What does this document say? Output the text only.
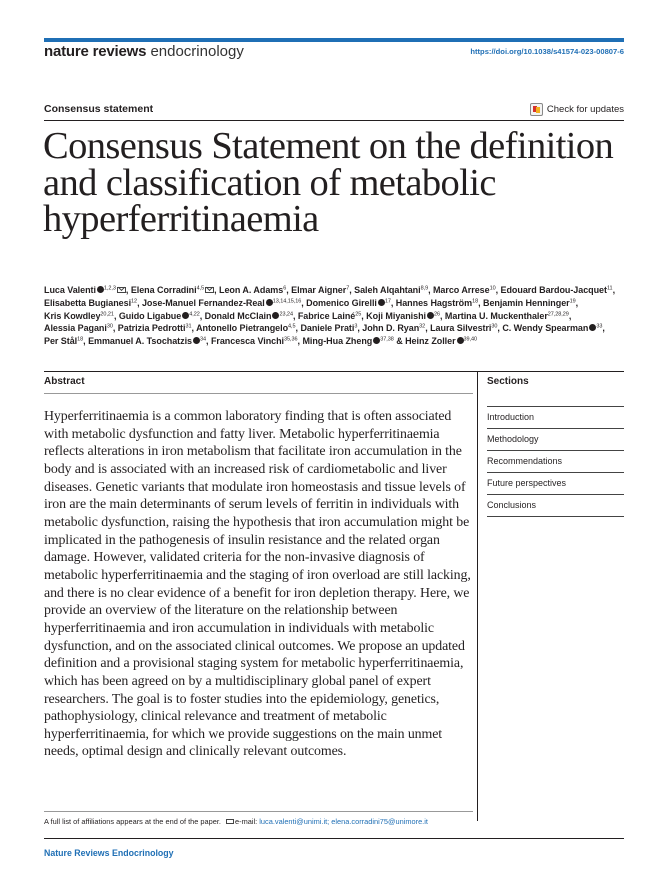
nature reviews endocrinology	https://doi.org/10.1038/s41574-023-00807-6
Consensus statement	Check for updates
Consensus Statement on the definition and classification of metabolic hyperferritinaemia
Luca Valenti $^{1,2,3}$ , Elena Corradini$^{4,5}$ , Leon A. Adams$^6$, Elmar Aigner$^7$, Saleh Alqahtani$^{8,9}$, Marco Arrese$^{10}$, Edouard Bardou-Jacquet$^{11}$, Elisabetta Bugianesi$^{12}$, Jose-Manuel Fernandez-Real $^{13,14,15,16}$, Domenico Girelli $^{17}$, Hannes Hagström$^{18}$, Benjamin Henninger$^{19}$, Kris Kowdley$^{20,21}$, Guido Ligabue $^{4,22}$, Donald McClain $^{23,24}$, Fabrice Lainé$^{25}$, Koji Miyanishi $^{26}$, Martina U. Muckenthaler$^{27,28,29}$, Alessia Pagani$^{30}$, Patrizia Pedrotti$^{31}$, Antonello Pietrangelo$^{4,5}$, Daniele Prati$^3$, John D. Ryan$^{32}$, Laura Silvestri$^{30}$, C. Wendy Spearman $^{33}$, Per Stål$^{18}$, Emmanuel A. Tsochatzis $^{34}$, Francesca Vinchi$^{35,36}$, Ming-Hua Zheng $^{37,38}$ & Heinz Zoller $^{39,40}$
Abstract	Sections

Hyperferritinaemia is a common laboratory finding that is often associated with metabolic dysfunction and fatty liver. Metabolic hyperferritinaemia reflects alterations in iron metabolism that facilitate iron accumulation in the body and is associated with an increased risk of cardiometabolic and liver diseases. Genetic variants that modulate iron homeostasis and tissue levels of iron are the main determinants of serum levels of ferritin in individuals with metabolic dysfunction, raising the hypothesis that iron accumulation might be implicated in the pathogenesis of insulin resistance and the related organ damage. However, validated criteria for the non-invasive diagnosis of metabolic hyperferritinaemia and the staging of iron overload are still lacking, and there is no clear evidence of a benefit for iron depletion therapy. Here, we provide an overview of the literature on the relationship between hyperferritinaemia and iron accumulation in individuals with metabolic dysfunction, and on the associated clinical outcomes. We propose an updated definition and a provisional staging system for metabolic hyperferritinaemia, which has been agreed on by a multidisciplinary global panel of expert researchers. The goal is to foster studies into the epidemiology, genetics, pathophysiology, clinical relevance and treatment of metabolic hyperferritinaemia, for which we provide suggestions on the main unmet needs, optimal design and clinically relevant outcomes.

Introduction
Methodology
Recommendations
Future perspectives
Conclusions
A full list of affiliations appears at the end of the paper. e-mail: luca.valenti@unimi.it; elena.corradini75@unimore.it
Nature Reviews Endocrinology
